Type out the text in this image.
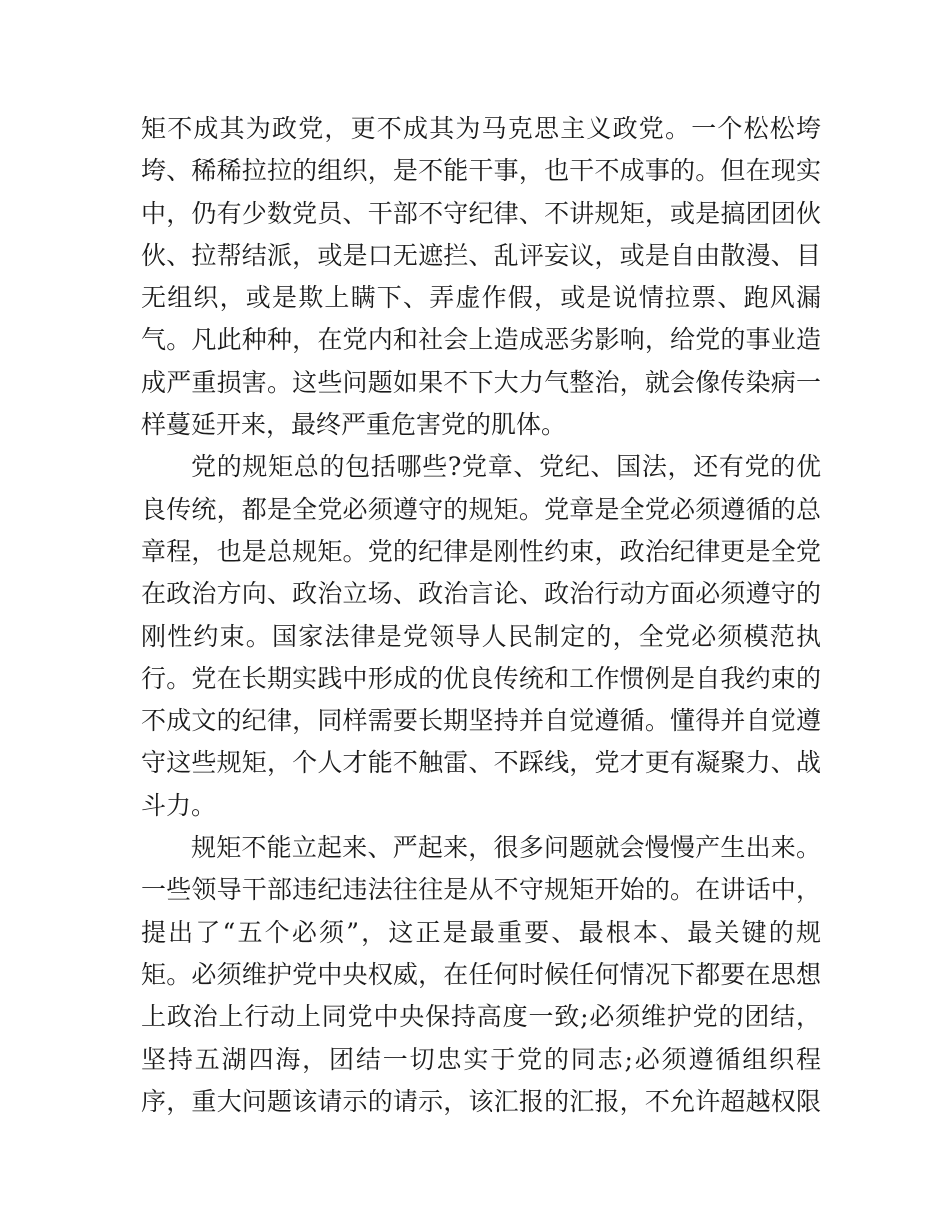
矩不成其为政党，更不成其为马克思主义政党。一个松松垮
垮、稀稀拉拉的组织，是不能干事，也干不成事的。但在现实
中，仍有少数党员、干部不守纪律、不讲规矩，或是搞团团伙
伙、拉帮结派，或是口无遮拦、乱评妄议，或是自由散漫、目
无组织，或是欺上瞒下、弄虚作假，或是说情拉票、跑风漏
气。凡此种种，在党内和社会上造成恶劣影响，给党的事业造
成严重损害。这些问题如果不下大力气整治，就会像传染病一
样蔓延开来，最终严重危害党的肌体。
党的规矩总的包括哪些?党章、党纪、国法，还有党的优
良传统，都是全党必须遵守的规矩。党章是全党必须遵循的总
章程，也是总规矩。党的纪律是刚性约束，政治纪律更是全党
在政治方向、政治立场、政治言论、政治行动方面必须遵守的
刚性约束。国家法律是党领导人民制定的，全党必须模范执
行。党在长期实践中形成的优良传统和工作惯例是自我约束的
不成文的纪律，同样需要长期坚持并自觉遵循。懂得并自觉遵
守这些规矩，个人才能不触雷、不踩线，党才更有凝聚力、战
斗力。
规矩不能立起来、严起来，很多问题就会慢慢产生出来。
一些领导干部违纪违法往往是从不守规矩开始的。在讲话中，
提出了“五个必须”，这正是最重要、最根本、最关键的规
矩。必须维护党中央权威，在任何时候任何情况下都要在思想
上政治上行动上同党中央保持高度一致;必须维护党的团结，
坚持五湖四海，团结一切忠实于党的同志;必须遵循组织程
序，重大问题该请示的请示，该汇报的汇报，不允许超越权限
